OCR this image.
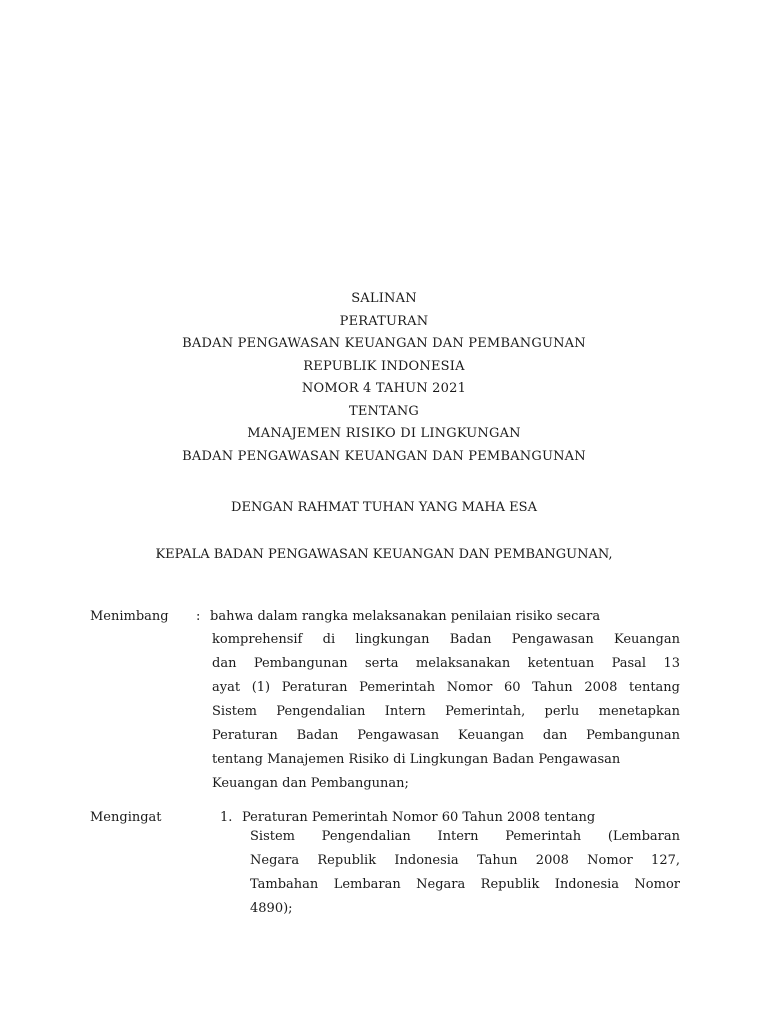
SALINAN
PERATURAN
BADAN PENGAWASAN KEUANGAN DAN PEMBANGUNAN
REPUBLIK INDONESIA
NOMOR 4 TAHUN 2021
TENTANG
MANAJEMEN RISIKO DI LINGKUNGAN
BADAN PENGAWASAN KEUANGAN DAN PEMBANGUNAN
DENGAN RAHMAT TUHAN YANG MAHA ESA
KEPALA BADAN PENGAWASAN KEUANGAN DAN PEMBANGUNAN,
Menimbang : bahwa dalam rangka melaksanakan penilaian risiko secara
komprehensif di lingkungan Badan Pengawasan Keuangan
dan Pembangunan serta melaksanakan ketentuan Pasal 13
ayat (1) Peraturan Pemerintah Nomor 60 Tahun 2008 tentang
Sistem Pengendalian Intern Pemerintah, perlu menetapkan
Peraturan Badan Pengawasan Keuangan dan Pembangunan
tentang Manajemen Risiko di Lingkungan Badan Pengawasan
Keuangan dan Pembangunan;
Mengingat	1. Peraturan Pemerintah Nomor 60 Tahun 2008 tentang
Sistem Pengendalian Intern Pemerintah (Lembaran
Negara Republik Indonesia Tahun 2008 Nomor 127,
Tambahan Lembaran Negara Republik Indonesia Nomor
4890);
